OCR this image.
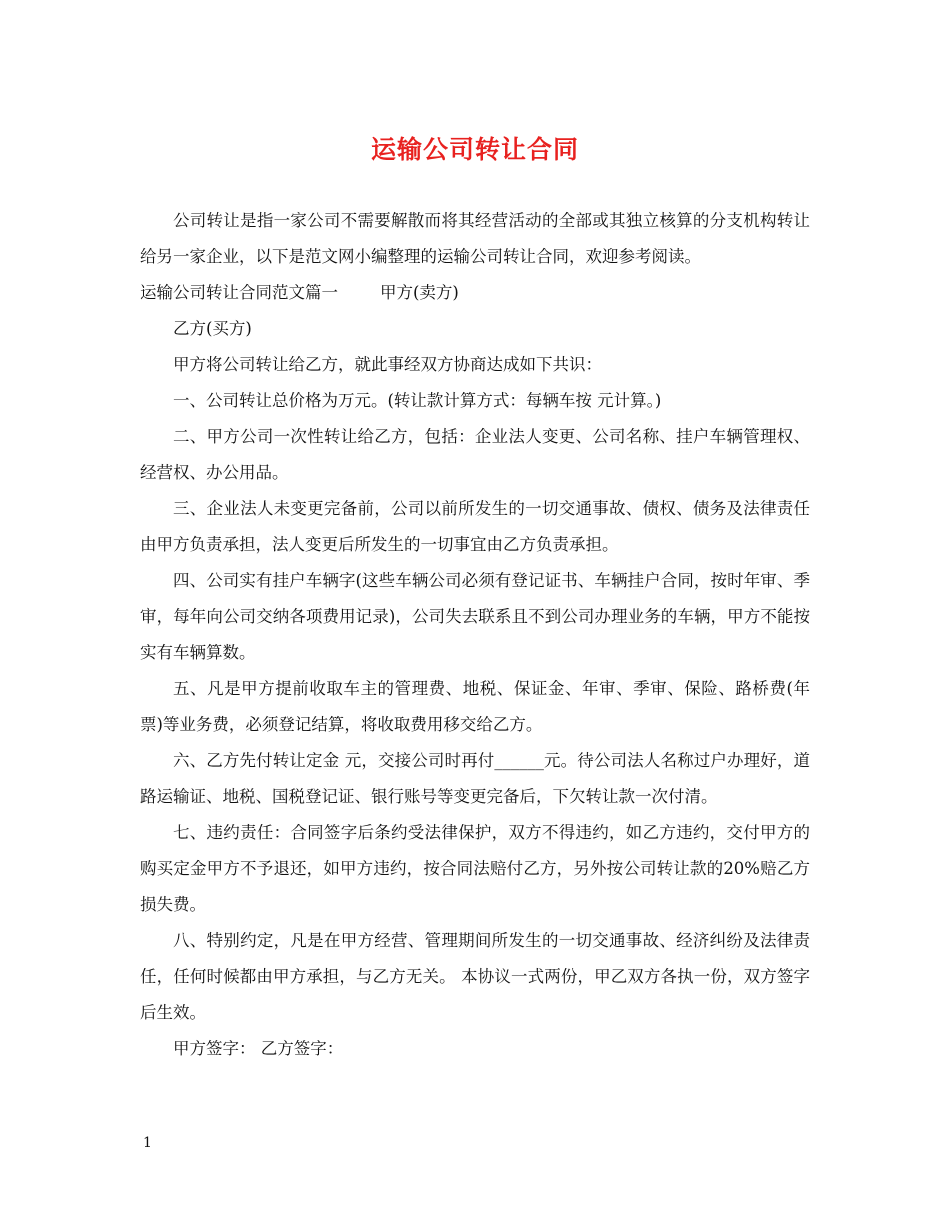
运输公司转让合同

公司转让是指一家公司不需要解散而将其经营活动的全部或其独立核算的分支机构转让给另一家企业，以下是范文网小编整理的运输公司转让合同，欢迎参考阅读。

运输公司转让合同范文篇一	甲方(卖方)

乙方(买方)

甲方将公司转让给乙方，就此事经双方协商达成如下共识：

一、公司转让总价格为万元。(转让款计算方式：每辆车按 元计算。)

二、甲方公司一次性转让给乙方，包括：企业法人变更、公司名称、挂户车辆管理权、经营权、办公用品。

三、企业法人未变更完备前，公司以前所发生的一切交通事故、债权、债务及法律责任由甲方负责承担，法人变更后所发生的一切事宜由乙方负责承担。

四、公司实有挂户车辆字(这些车辆公司必须有登记证书、车辆挂户合同，按时年审、季审，每年向公司交纳各项费用记录)，公司失去联系且不到公司办理业务的车辆，甲方不能按实有车辆算数。

五、凡是甲方提前收取车主的管理费、地税、保证金、年审、季审、保险、路桥费(年票)等业务费，必须登记结算，将收取费用移交给乙方。

六、乙方先付转让定金 元，交接公司时再付______元。待公司法人名称过户办理好，道路运输证、地税、国税登记证、银行账号等变更完备后，下欠转让款一次付清。

七、违约责任：合同签字后条约受法律保护，双方不得违约，如乙方违约，交付甲方的购买定金甲方不予退还，如甲方违约，按合同法赔付乙方，另外按公司转让款的20%赔乙方损失费。

八、特别约定，凡是在甲方经营、管理期间所发生的一切交通事故、经济纠纷及法律责任，任何时候都由甲方承担，与乙方无关。 本协议一式两份，甲乙双方各执一份，双方签字后生效。

甲方签字： 乙方签字：

1
